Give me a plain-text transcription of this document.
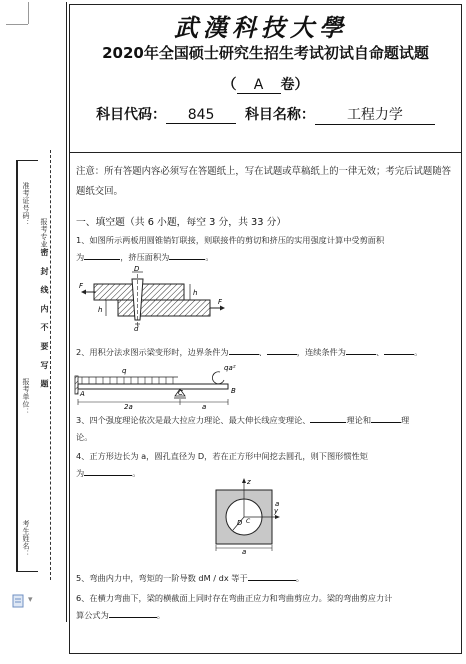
准考证号码：
报考单位：
考生姓名：
报考专业：
密 封 线 内 不 要 写 题
▾
武漢科技大學
2020年全国硕士研究生招生考试初试自命题试题
（ A 卷）
科目代码： 845 科目名称： 工程力学
注意：所有答题内容必须写在答题纸上，写在试题或草稿纸上的一律无效；考完后试题随答题纸交回。
一、填空题（共 6 小题，每空 3 分，共 33 分）
1、如图所示两板用圆锥销钉联接，则联接件的剪切和挤压的实用强度计算中受剪面积
为	，挤压面积为	。
D
d
F
F
h
h
2、用积分法求图示梁变形时，边界条件为	、	，连续条件为	、	。
q
A
qa²
B
C
2a	a
3、四个强度理论依次是最大拉应力理论、最大伸长线应变理论、	理论和	理
论。
4、正方形边长为 a，圆孔直径为 D，若在正方形中间挖去圆孔，则下图形惯性矩
为	。
z
y
D C
a
a
5、弯曲内力中，弯矩的一阶导数 dM / dx 等于	。
6、在横力弯曲下，梁的横截面上同时存在弯曲正应力和弯曲剪应力。梁的弯曲剪应力计
算公式为	。
